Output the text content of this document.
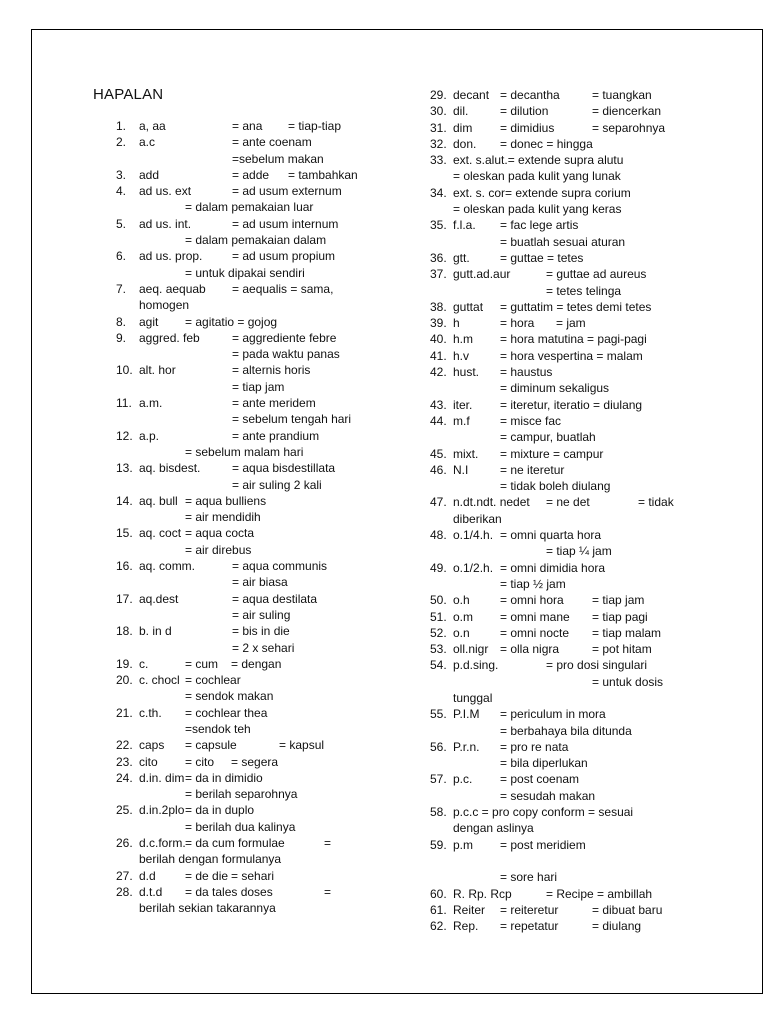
HAPALAN
1. a, aa	= ana = tiap-tiap
2. a.c	= ante coenam
=sebelum makan
3. add	= adde = tambahkan
4. ad us. ext	= ad usum externum
= dalam pemakaian luar
5. ad us. int.	= ad usum internum
= dalam pemakaian dalam
6. ad us. prop. = ad usum propium
= untuk dipakai sendiri
7. aeq. aequab = aequalis = sama,
homogen
8. agit = agitatio = gojog
9. aggred. feb	= aggrediente febre
= pada waktu panas
10. alt. hor	= alternis horis
= tiap jam
11. a.m.	= ante meridem
= sebelum tengah hari
12. a.p.	= ante prandium
= sebelum malam hari
13. aq. bisdest.	= aqua bisdestillata
= air suling 2 kali
14. aq. bull = aqua bulliens
= air mendidih
15. aq. coct = aqua cocta
= air direbus
16. aq. comm.	= aqua communis
= air biasa
17. aq.dest	= aqua destilata
= air suling
18. b. in d	= bis in die
= 2 x sehari
19. c.	= cum = dengan
20. c. chocl = cochlear
= sendok makan
21. c.th. = cochlear thea
=sendok teh
22. caps = capsule	= kapsul
23. cito = cito = segera
24. d.in. dim = da in dimidio
= berilah separohnya
25. d.in.2plo = da in duplo
= berilah dua kalinya
26. d.c.form. = da cum formulae	=
berilah dengan formulanya
27. d.d = de die = sehari
28. d.t.d = da tales doses	=
berilah sekian takarannya
29. decant = decantha	= tuangkan
30. dil.	= dilution	= diencerkan
31. dim = dimidius	= separohnya
32. don. = donec = hingga
33. ext. s.alut.= extende supra alutu
= oleskan pada kulit yang lunak
34. ext. s. cor= extende supra corium
= oleskan pada kulit yang keras
35. f.l.a. = fac lege artis
= buatlah sesuai aturan
36. gtt.	= guttae = tetes
37. gutt.ad.aur	= guttae ad aureus
= tetes telinga
38. guttat = guttatim = tetes demi tetes
39. h	= hora = jam
40. h.m = hora matutina = pagi-pagi
41. h.v	= hora vespertina = malam
42. hust. = haustus
= diminum sekaligus
43. iter. = iteretur, iteratio = diulang
44. m.f	= misce fac
= campur, buatlah
45. mixt. = mixture = campur
46. N.I	= ne iteretur
= tidak boleh diulang
47. n.dt.ndt. nedet = ne det	= tidak
diberikan
48. o.1/4.h. = omni quarta hora
= tiap ¼ jam
49. o.1/2.h. = omni dimidia hora
= tiap ½ jam
50. o.h	= omni hora = tiap jam
51. o.m = omni mane = tiap pagi
52. o.n	= omni nocte = tiap malam
53. oll.nigr = olla nigra	= pot hitam
54. p.d.sing.	= pro dosi singulari
= untuk dosis
tunggal
55. P.I.M = periculum in mora
= berbahaya bila ditunda
56. P.r.n. = pro re nata
= bila diperlukan
57. p.c. = post coenam
= sesudah makan
58. p.c.c = pro copy conform = sesuai
dengan aslinya
59. p.m = post meridiem
= sore hari
60. R. Rp. Rcp	= Recipe = ambillah
61. Reiter = reiteretur	= dibuat baru
62. Rep. = repetatur	= diulang
